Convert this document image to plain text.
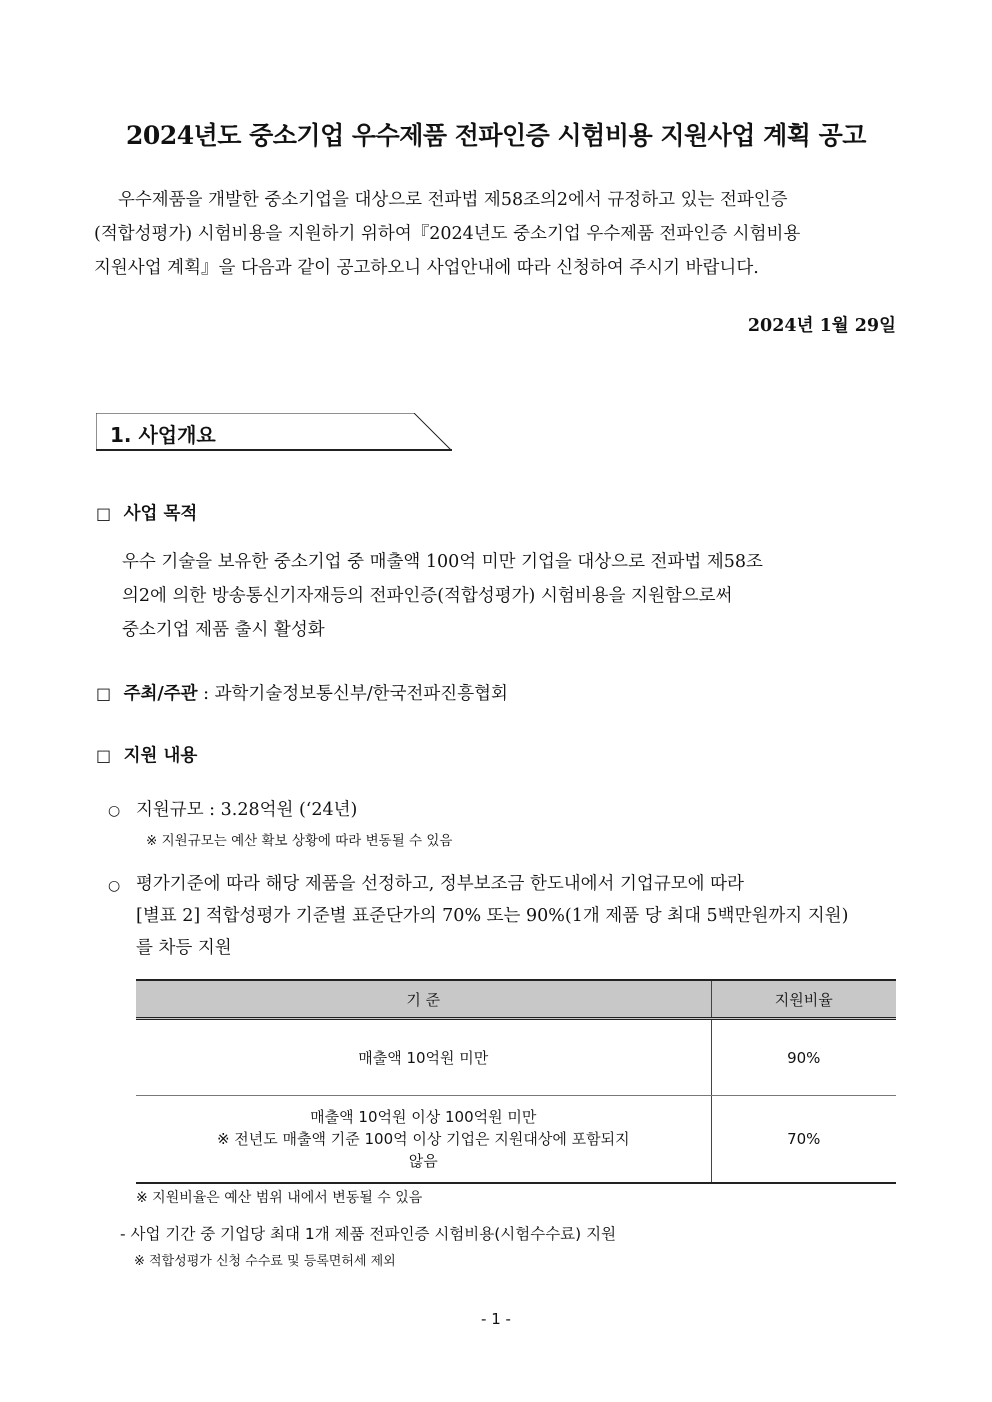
2024년도 중소기업 우수제품 전파인증 시험비용 지원사업 계획 공고

우수제품을 개발한 중소기업을 대상으로 전파법 제58조의2에서 규정하고 있는 전파인증

(적합성평가) 시험비용을 지원하기 위하여『2024년도 중소기업 우수제품 전파인증 시험비용

지원사업 계획』을 다음과 같이 공고하오니 사업안내에 따라 신청하여 주시기 바랍니다.

2024년 1월 29일
1. 사업개요
□ 사업 목적

우수 기술을 보유한 중소기업 중 매출액 100억 미만 기업을 대상으로 전파법 제58조

의2에 의한 방송통신기자재등의 전파인증(적합성평가) 시험비용을 지원함으로써

중소기업 제품 출시 활성화

□ 주최/주관 : 과학기술정보통신부/한국전파진흥협회
□ 지원 내용
○ 지원규모 : 3.28억원 (‘24년)
※ 지원규모는 예산 확보 상황에 따라 변동될 수 있음
○ 평가기준에 따라 해당 제품을 선정하고, 정부보조금 한도내에서 기업규모에 따라
[별표 2] 적합성평가 기준별 표준단가의 70% 또는 90%(1개 제품 당 최대 5백만원까지 지원)
를 차등 지원
기 준	지원비율

매출액 10억원 미만	90%

매출액 10억원 이상 100억원 미만
※ 전년도 매출액 기준 100억 이상 기업은 지원대상에 포함되지
않음	70%
※ 지원비율은 예산 범위 내에서 변동될 수 있음
- 사업 기간 중 기업당 최대 1개 제품 전파인증 시험비용(시험수수료) 지원
※ 적합성평가 신청 수수료 및 등록면허세 제외
- 1 -
